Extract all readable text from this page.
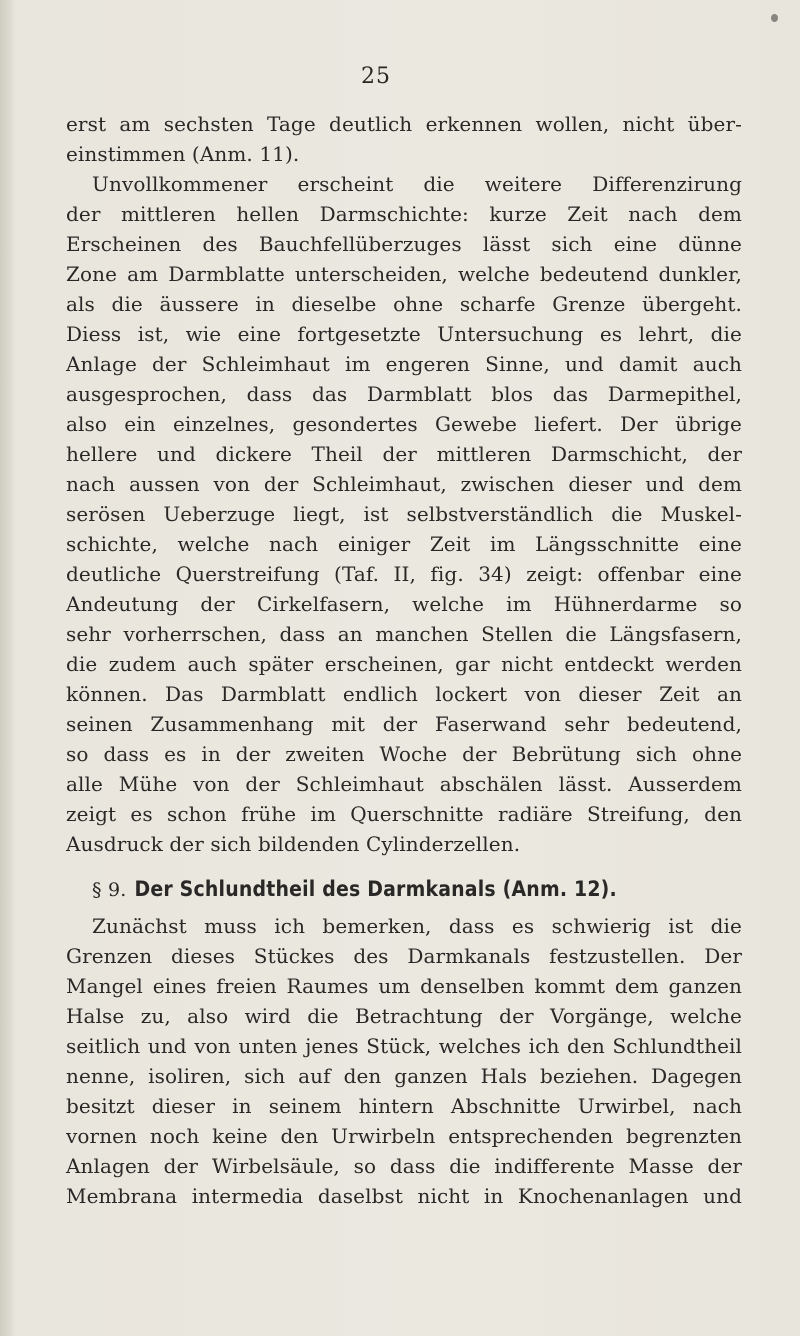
25
erst am sechsten Tage deutlich erkennen wollen, nicht über-
einstimmen (Anm. 11).
Unvollkommener erscheint die weitere Differenzirung
der mittleren hellen Darmschichte: kurze Zeit nach dem
Erscheinen des Bauchfellüberzuges lässt sich eine dünne
Zone am Darmblatte unterscheiden, welche bedeutend dunkler,
als die äussere in dieselbe ohne scharfe Grenze übergeht.
Diess ist, wie eine fortgesetzte Untersuchung es lehrt, die
Anlage der Schleimhaut im engeren Sinne, und damit auch
ausgesprochen, dass das Darmblatt blos das Darmepithel,
also ein einzelnes, gesondertes Gewebe liefert. Der übrige
hellere und dickere Theil der mittleren Darmschicht, der
nach aussen von der Schleimhaut, zwischen dieser und dem
serösen Ueberzuge liegt, ist selbstverständlich die Muskel-
schichte, welche nach einiger Zeit im Längsschnitte eine
deutliche Querstreifung (Taf. II, fig. 34) zeigt: offenbar eine
Andeutung der Cirkelfasern, welche im Hühnerdarme so
sehr vorherrschen, dass an manchen Stellen die Längsfasern,
die zudem auch später erscheinen, gar nicht entdeckt werden
können. Das Darmblatt endlich lockert von dieser Zeit an
seinen Zusammenhang mit der Faserwand sehr bedeutend,
so dass es in der zweiten Woche der Bebrütung sich ohne
alle Mühe von der Schleimhaut abschälen lässt. Ausserdem
zeigt es schon frühe im Querschnitte radiäre Streifung, den
Ausdruck der sich bildenden Cylinderzellen.
§ 9. Der Schlundtheil des Darmkanals (Anm. 12).
Zunächst muss ich bemerken, dass es schwierig ist die
Grenzen dieses Stückes des Darmkanals festzustellen. Der
Mangel eines freien Raumes um denselben kommt dem ganzen
Halse zu, also wird die Betrachtung der Vorgänge, welche
seitlich und von unten jenes Stück, welches ich den Schlundtheil
nenne, isoliren, sich auf den ganzen Hals beziehen. Dagegen
besitzt dieser in seinem hintern Abschnitte Urwirbel, nach
vornen noch keine den Urwirbeln entsprechenden begrenzten
Anlagen der Wirbelsäule, so dass die indifferente Masse der
Membrana intermedia daselbst nicht in Knochenanlagen und
